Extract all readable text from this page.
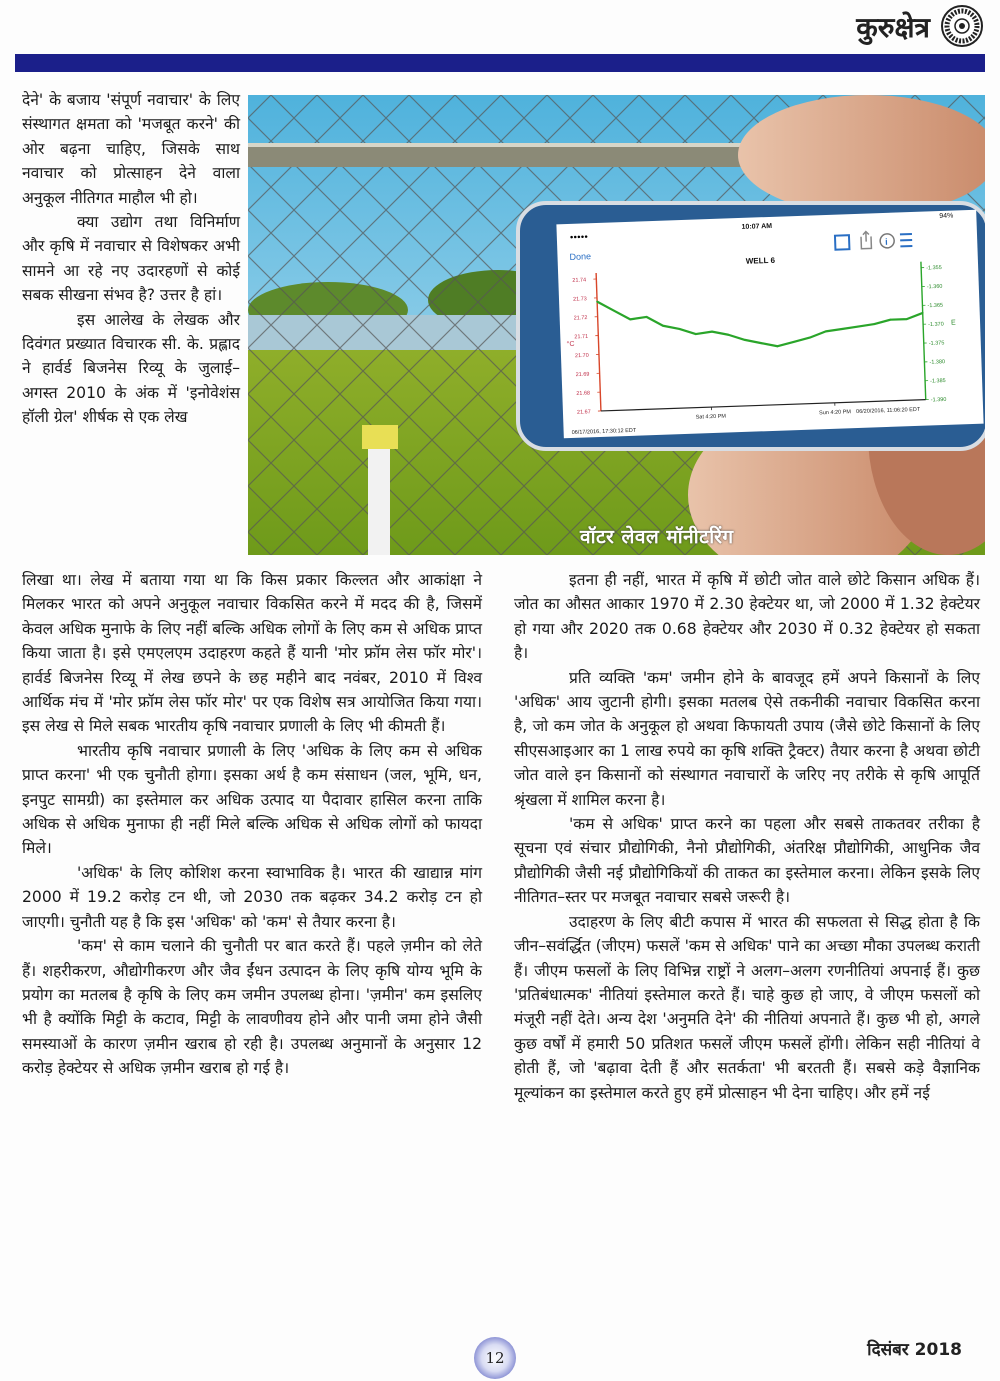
कुरुक्षेत्र
●●●●●
10:07 AM
94%
Done
i
WELL 6
21.74
21.73
21.72
21.71
21.70
21.69
21.68
21.67
°C
-1.355
-1.360
-1.365
-1.370
-1.375
-1.380
-1.385
-1.390
E
Sat 4:20 PM
Sun 4:20 PM
06/17/2016, 17:30:12 EDT
06/20/2016, 11:06:20 EDT
वॉटर लेवल मॉनीटरिंग

देने' के बजाय 'संपूर्ण नवाचार' के लिए संस्थागत क्षमता को 'मजबूत करने' की ओर बढ़ना चाहिए, जिसके साथ नवाचार को प्रोत्साहन देने वाला अनुकूल नीतिगत माहौल भी हो।

क्या उद्योग तथा विनिर्माण और कृषि में नवाचार से विशेषकर अभी सामने आ रहे नए उदारहणों से कोई सबक सीखना संभव है? उत्तर है हां।

इस आलेख के लेखक और दिवंगत प्रख्यात विचारक सी. के. प्रह्लाद ने हार्वर्ड बिजनेस रिव्यू के जुलाई–अगस्त 2010 के अंक में 'इनोवेशंस हॉली ग्रेल' शीर्षक से एक लेख

लिखा था। लेख में बताया गया था कि किस प्रकार किल्लत और आकांक्षा ने मिलकर भारत को अपने अनुकूल नवाचार विकसित करने में मदद की है, जिसमें केवल अधिक मुनाफे के लिए नहीं बल्कि अधिक लोगों के लिए कम से अधिक प्राप्त किया जाता है। इसे एमएलएम उदाहरण कहते हैं यानी 'मोर फ्रॉम लेस फॉर मोर'। हार्वर्ड बिजनेस रिव्यू में लेख छपने के छह महीने बाद नवंबर, 2010 में विश्व आर्थिक मंच में 'मोर फ्रॉम लेस फॉर मोर' पर एक विशेष सत्र आयोजित किया गया। इस लेख से मिले सबक भारतीय कृषि नवाचार प्रणाली के लिए भी कीमती हैं।

भारतीय कृषि नवाचार प्रणाली के लिए 'अधिक के लिए कम से अधिक प्राप्त करना' भी एक चुनौती होगा। इसका अर्थ है कम संसाधन (जल, भूमि, धन, इनपुट सामग्री) का इस्तेमाल कर अधिक उत्पाद या पैदावार हासिल करना ताकि अधिक से अधिक मुनाफा ही नहीं मिले बल्कि अधिक से अधिक लोगों को फायदा मिले।

'अधिक' के लिए कोशिश करना स्वाभाविक है। भारत की खाद्यान्न मांग 2000 में 19.2 करोड़ टन थी, जो 2030 तक बढ़कर 34.2 करोड़ टन हो जाएगी। चुनौती यह है कि इस 'अधिक' को 'कम' से तैयार करना है।

'कम' से काम चलाने की चुनौती पर बात करते हैं। पहले ज़मीन को लेते हैं। शहरीकरण, औद्योगीकरण और जैव ईंधन उत्पादन के लिए कृषि योग्य भूमि के प्रयोग का मतलब है कृषि के लिए कम जमीन उपलब्ध होना। 'ज़मीन' कम इसलिए भी है क्योंकि मिट्टी के कटाव, मिट्टी के लावणीवय होने और पानी जमा होने जैसी समस्याओं के कारण ज़मीन खराब हो रही है। उपलब्ध अनुमानों के अनुसार 12 करोड़ हेक्टेयर से अधिक ज़मीन खराब हो गई है।

इतना ही नहीं, भारत में कृषि में छोटी जोत वाले छोटे किसान अधिक हैं। जोत का औसत आकार 1970 में 2.30 हेक्टेयर था, जो 2000 में 1.32 हेक्टेयर हो गया और 2020 तक 0.68 हेक्टेयर और 2030 में 0.32 हेक्टेयर हो सकता है।

प्रति व्यक्ति 'कम' जमीन होने के बावजूद हमें अपने किसानों के लिए 'अधिक' आय जुटानी होगी। इसका मतलब ऐसे तकनीकी नवाचार विकसित करना है, जो कम जोत के अनुकूल हो अथवा किफायती उपाय (जैसे छोटे किसानों के लिए सीएसआइआर का 1 लाख रुपये का कृषि शक्ति ट्रैक्टर) तैयार करना है अथवा छोटी जोत वाले इन किसानों को संस्थागत नवाचारों के जरिए नए तरीके से कृषि आपूर्ति श्रृंखला में शामिल करना है।

'कम से अधिक' प्राप्त करने का पहला और सबसे ताकतवर तरीका है सूचना एवं संचार प्रौद्योगिकी, नैनो प्रौद्योगिकी, अंतरिक्ष प्रौद्योगिकी, आधुनिक जैव प्रौद्योगिकी जैसी नई प्रौद्योगिकियों की ताकत का इस्तेमाल करना। लेकिन इसके लिए नीतिगत–स्तर पर मजबूत नवाचार सबसे जरूरी है।

उदाहरण के लिए बीटी कपास में भारत की सफलता से सिद्ध होता है कि जीन–सवंर्द्धित (जीएम) फसलें 'कम से अधिक' पाने का अच्छा मौका उपलब्ध कराती हैं। जीएम फसलों के लिए विभिन्न राष्ट्रों ने अलग–अलग रणनीतियां अपनाई हैं। कुछ 'प्रतिबंधात्मक' नीतियां इस्तेमाल करते हैं। चाहे कुछ हो जाए, वे जीएम फसलों को मंजूरी नहीं देते। अन्य देश 'अनुमति देने' की नीतियां अपनाते हैं। कुछ भी हो, अगले कुछ वर्षों में हमारी 50 प्रतिशत फसलें जीएम फसलें होंगी। लेकिन सही नीतियां वे होती हैं, जो 'बढ़ावा देती हैं और सतर्कता' भी बरतती हैं। सबसे कड़े वैज्ञानिक मूल्यांकन का इस्तेमाल करते हुए हमें प्रोत्साहन भी देना चाहिए। और हमें नई

12	दिसंबर 2018
